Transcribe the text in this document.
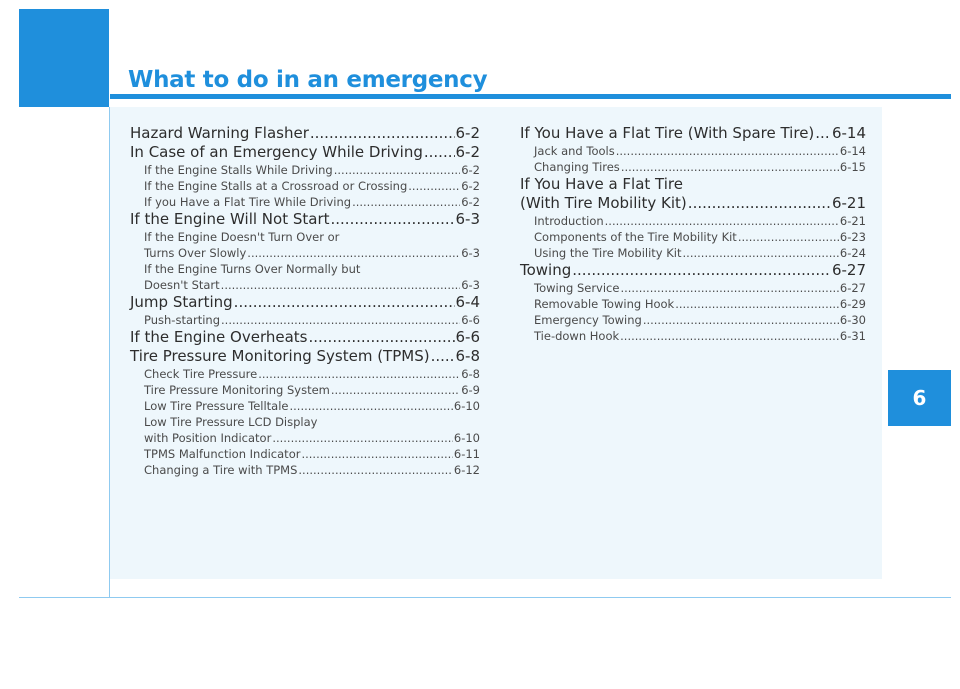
What to do in an emergency
Hazard Warning Flasher .....	6-2
In Case of an Emergency While Driving ..... 6-2
If the Engine Stalls While Driving .....	6-2
If the Engine Stalls at a Crossroad or Crossing .....	6-2
If you Have a Flat Tire While Driving .....	6-2
If the Engine Will Not Start .....	6-3
If the Engine Doesn't Turn Over or
Turns Over Slowly .....	6-3
If the Engine Turns Over Normally but
Doesn't Start .....	6-3
Jump Starting .....	6-4
Push-starting .....	6-6
If the Engine Overheats .....	6-6
Tire Pressure Monitoring System (TPMS) ..... 6-8
Check Tire Pressure .....	6-8
Tire Pressure Monitoring System .....	6-9
Low Tire Pressure Telltale .....	6-10
Low Tire Pressure LCD Display
with Position Indicator .....	6-10
TPMS Malfunction Indicator .....	6-11
Changing a Tire with TPMS .....	6-12
If You Have a Flat Tire (With Spare Tire) ..... 6-14
Jack and Tools .....	6-14
Changing Tires .....	6-15
If You Have a Flat Tire
(With Tire Mobility Kit) .....	6-21
Introduction .....	6-21
Components of the Tire Mobility Kit .....	6-23
Using the Tire Mobility Kit .....	6-24
Towing .....	6-27
Towing Service .....	6-27
Removable Towing Hook .....	6-29
Emergency Towing .....	6-30
Tie-down Hook .....	6-31
6
